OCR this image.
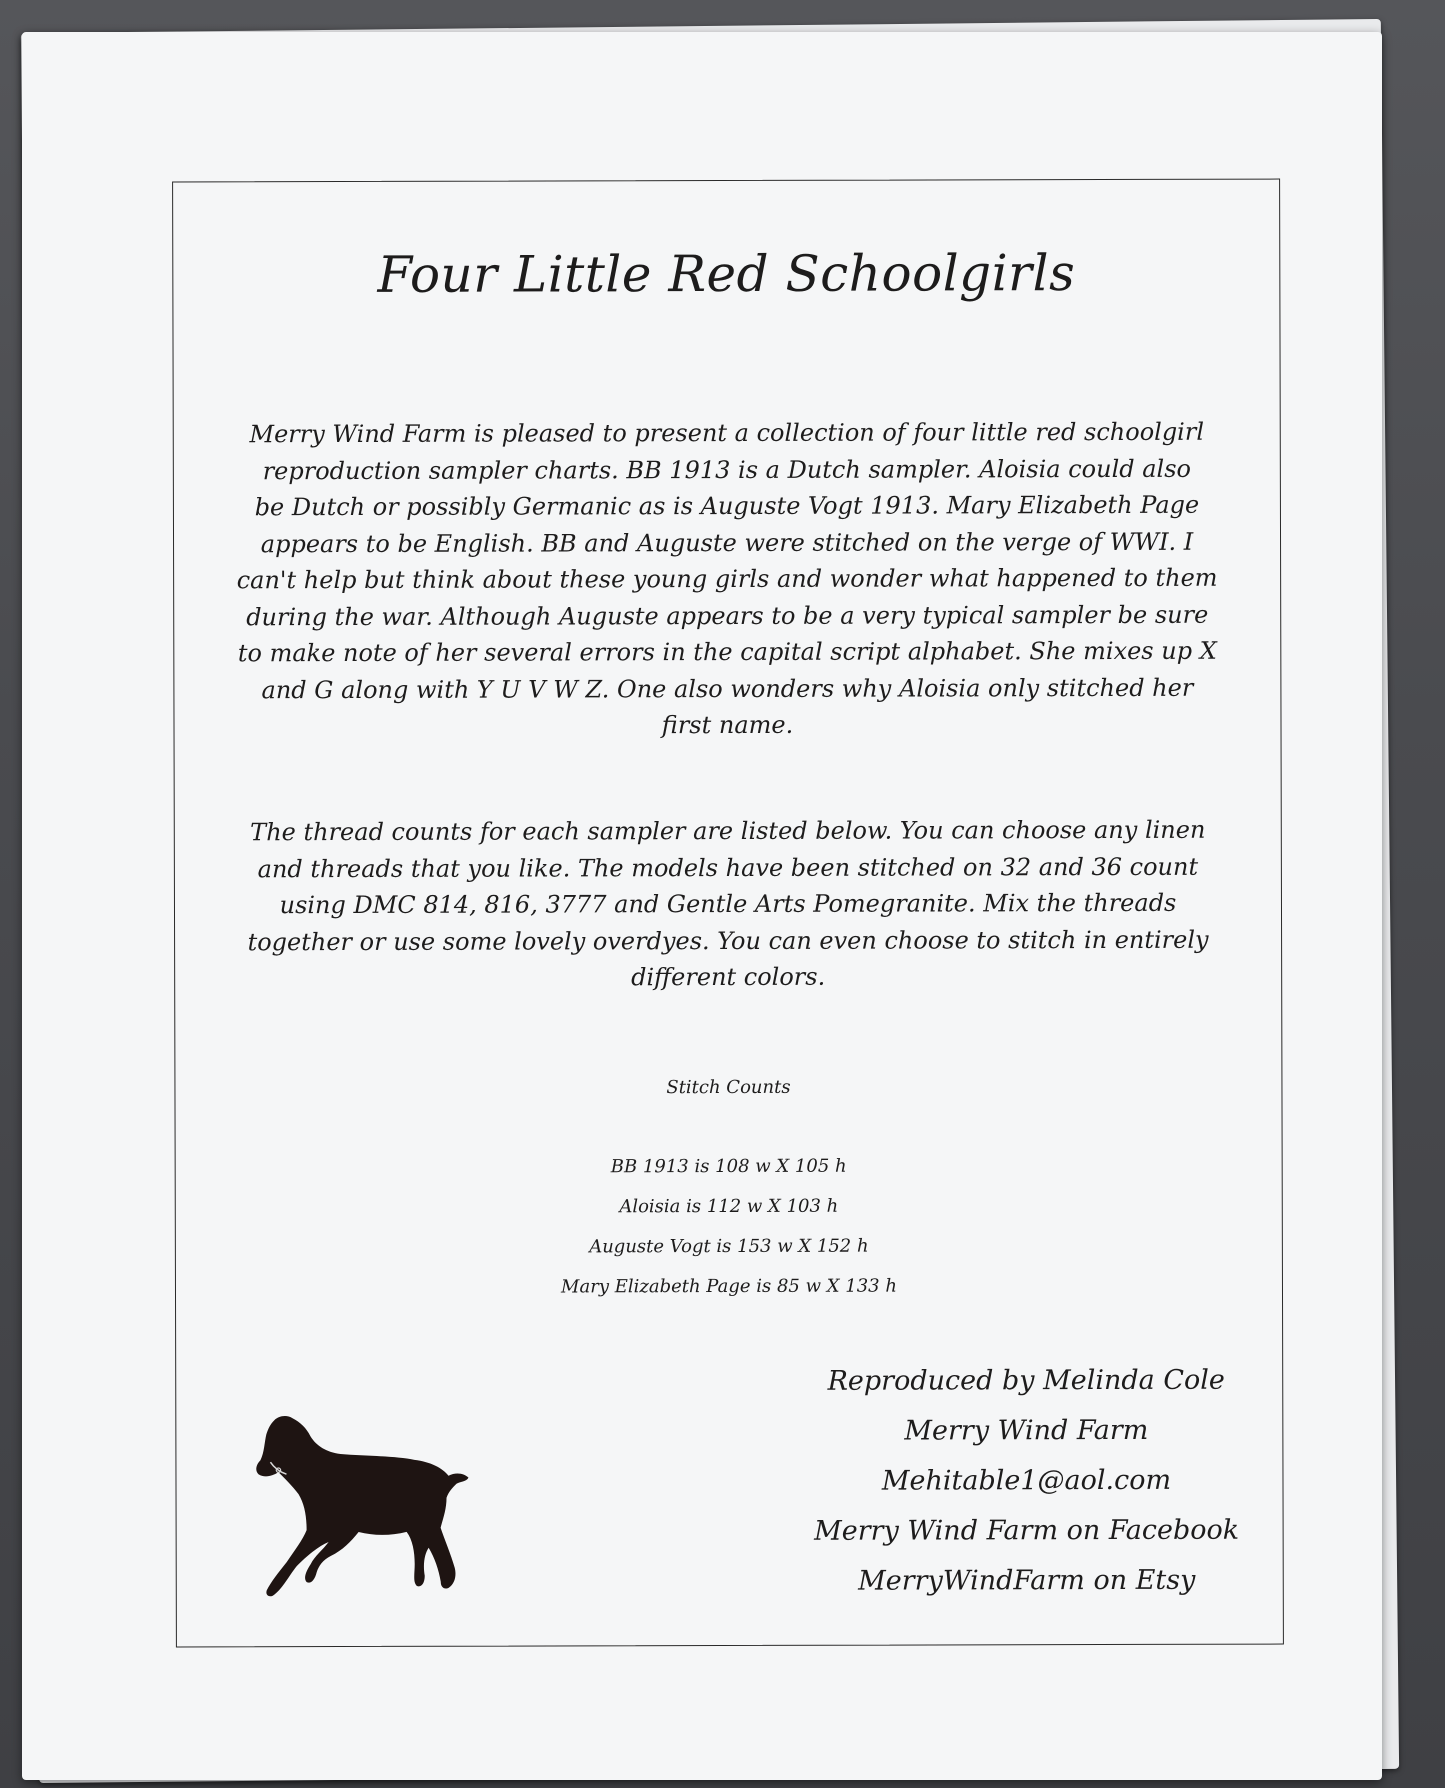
Four Little Red Schoolgirls
Merry Wind Farm is pleased to present a collection of four little red schoolgirl
reproduction sampler charts. BB 1913 is a Dutch sampler. Aloisia could also
be Dutch or possibly Germanic as is Auguste Vogt 1913. Mary Elizabeth Page
appears to be English. BB and Auguste were stitched on the verge of WWI. I
can't help but think about these young girls and wonder what happened to them
during the war. Although Auguste appears to be a very typical sampler be sure
to make note of her several errors in the capital script alphabet. She mixes up X
and G along with Y U V W Z. One also wonders why Aloisia only stitched her
first name.
The thread counts for each sampler are listed below. You can choose any linen
and threads that you like. The models have been stitched on 32 and 36 count
using DMC 814, 816, 3777 and Gentle Arts Pomegranite. Mix the threads
together or use some lovely overdyes. You can even choose to stitch in entirely
different colors.
Stitch Counts
BB 1913 is 108 w X 105 h
Aloisia is 112 w X 103 h
Auguste Vogt is 153 w X 152 h
Mary Elizabeth Page is 85 w X 133 h
Reproduced by Melinda Cole
Merry Wind Farm
Mehitable1@aol.com
Merry Wind Farm on Facebook
MerryWindFarm on Etsy
